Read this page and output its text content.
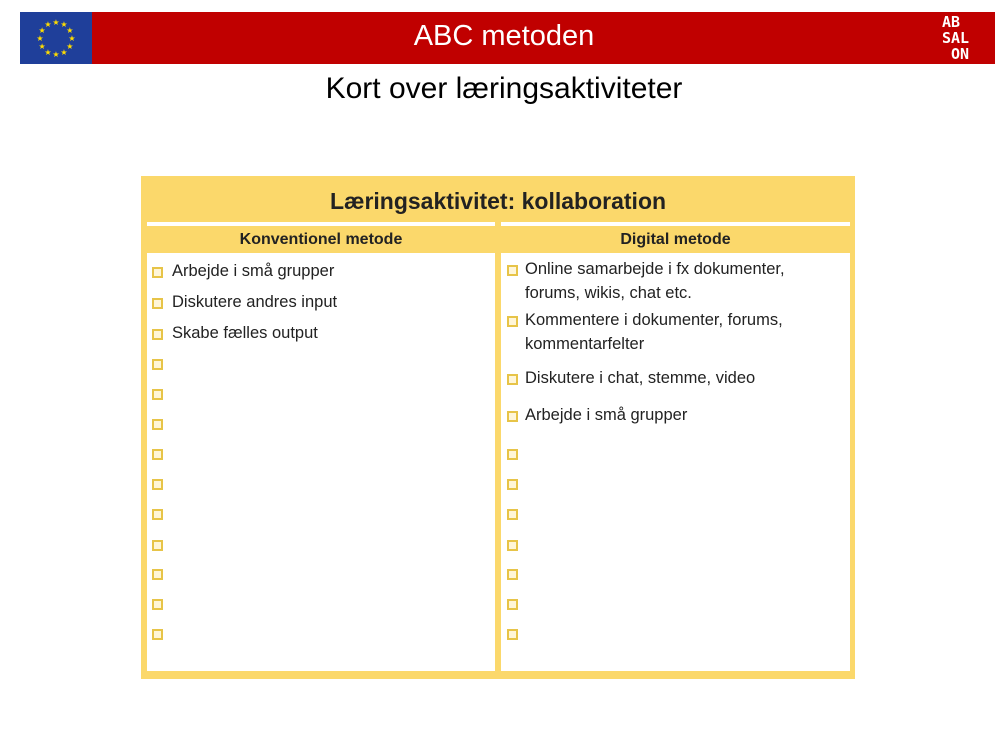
★ ★
★
★
★
★
★
★
★
★
★
★	ABC metoden	AB
SAL
ON
Kort over læringsaktiviteter
Læringsaktivitet: kollaboration
Konventionel metode
Arbejde i små grupper
Diskutere andres input
Skabe fælles output
Digital metode
Online samarbejde i fx dokumenter, forums, wikis, chat etc.
Kommentere i dokumenter, forums, kommentarfelter
Diskutere i chat, stemme, video
Arbejde i små grupper
